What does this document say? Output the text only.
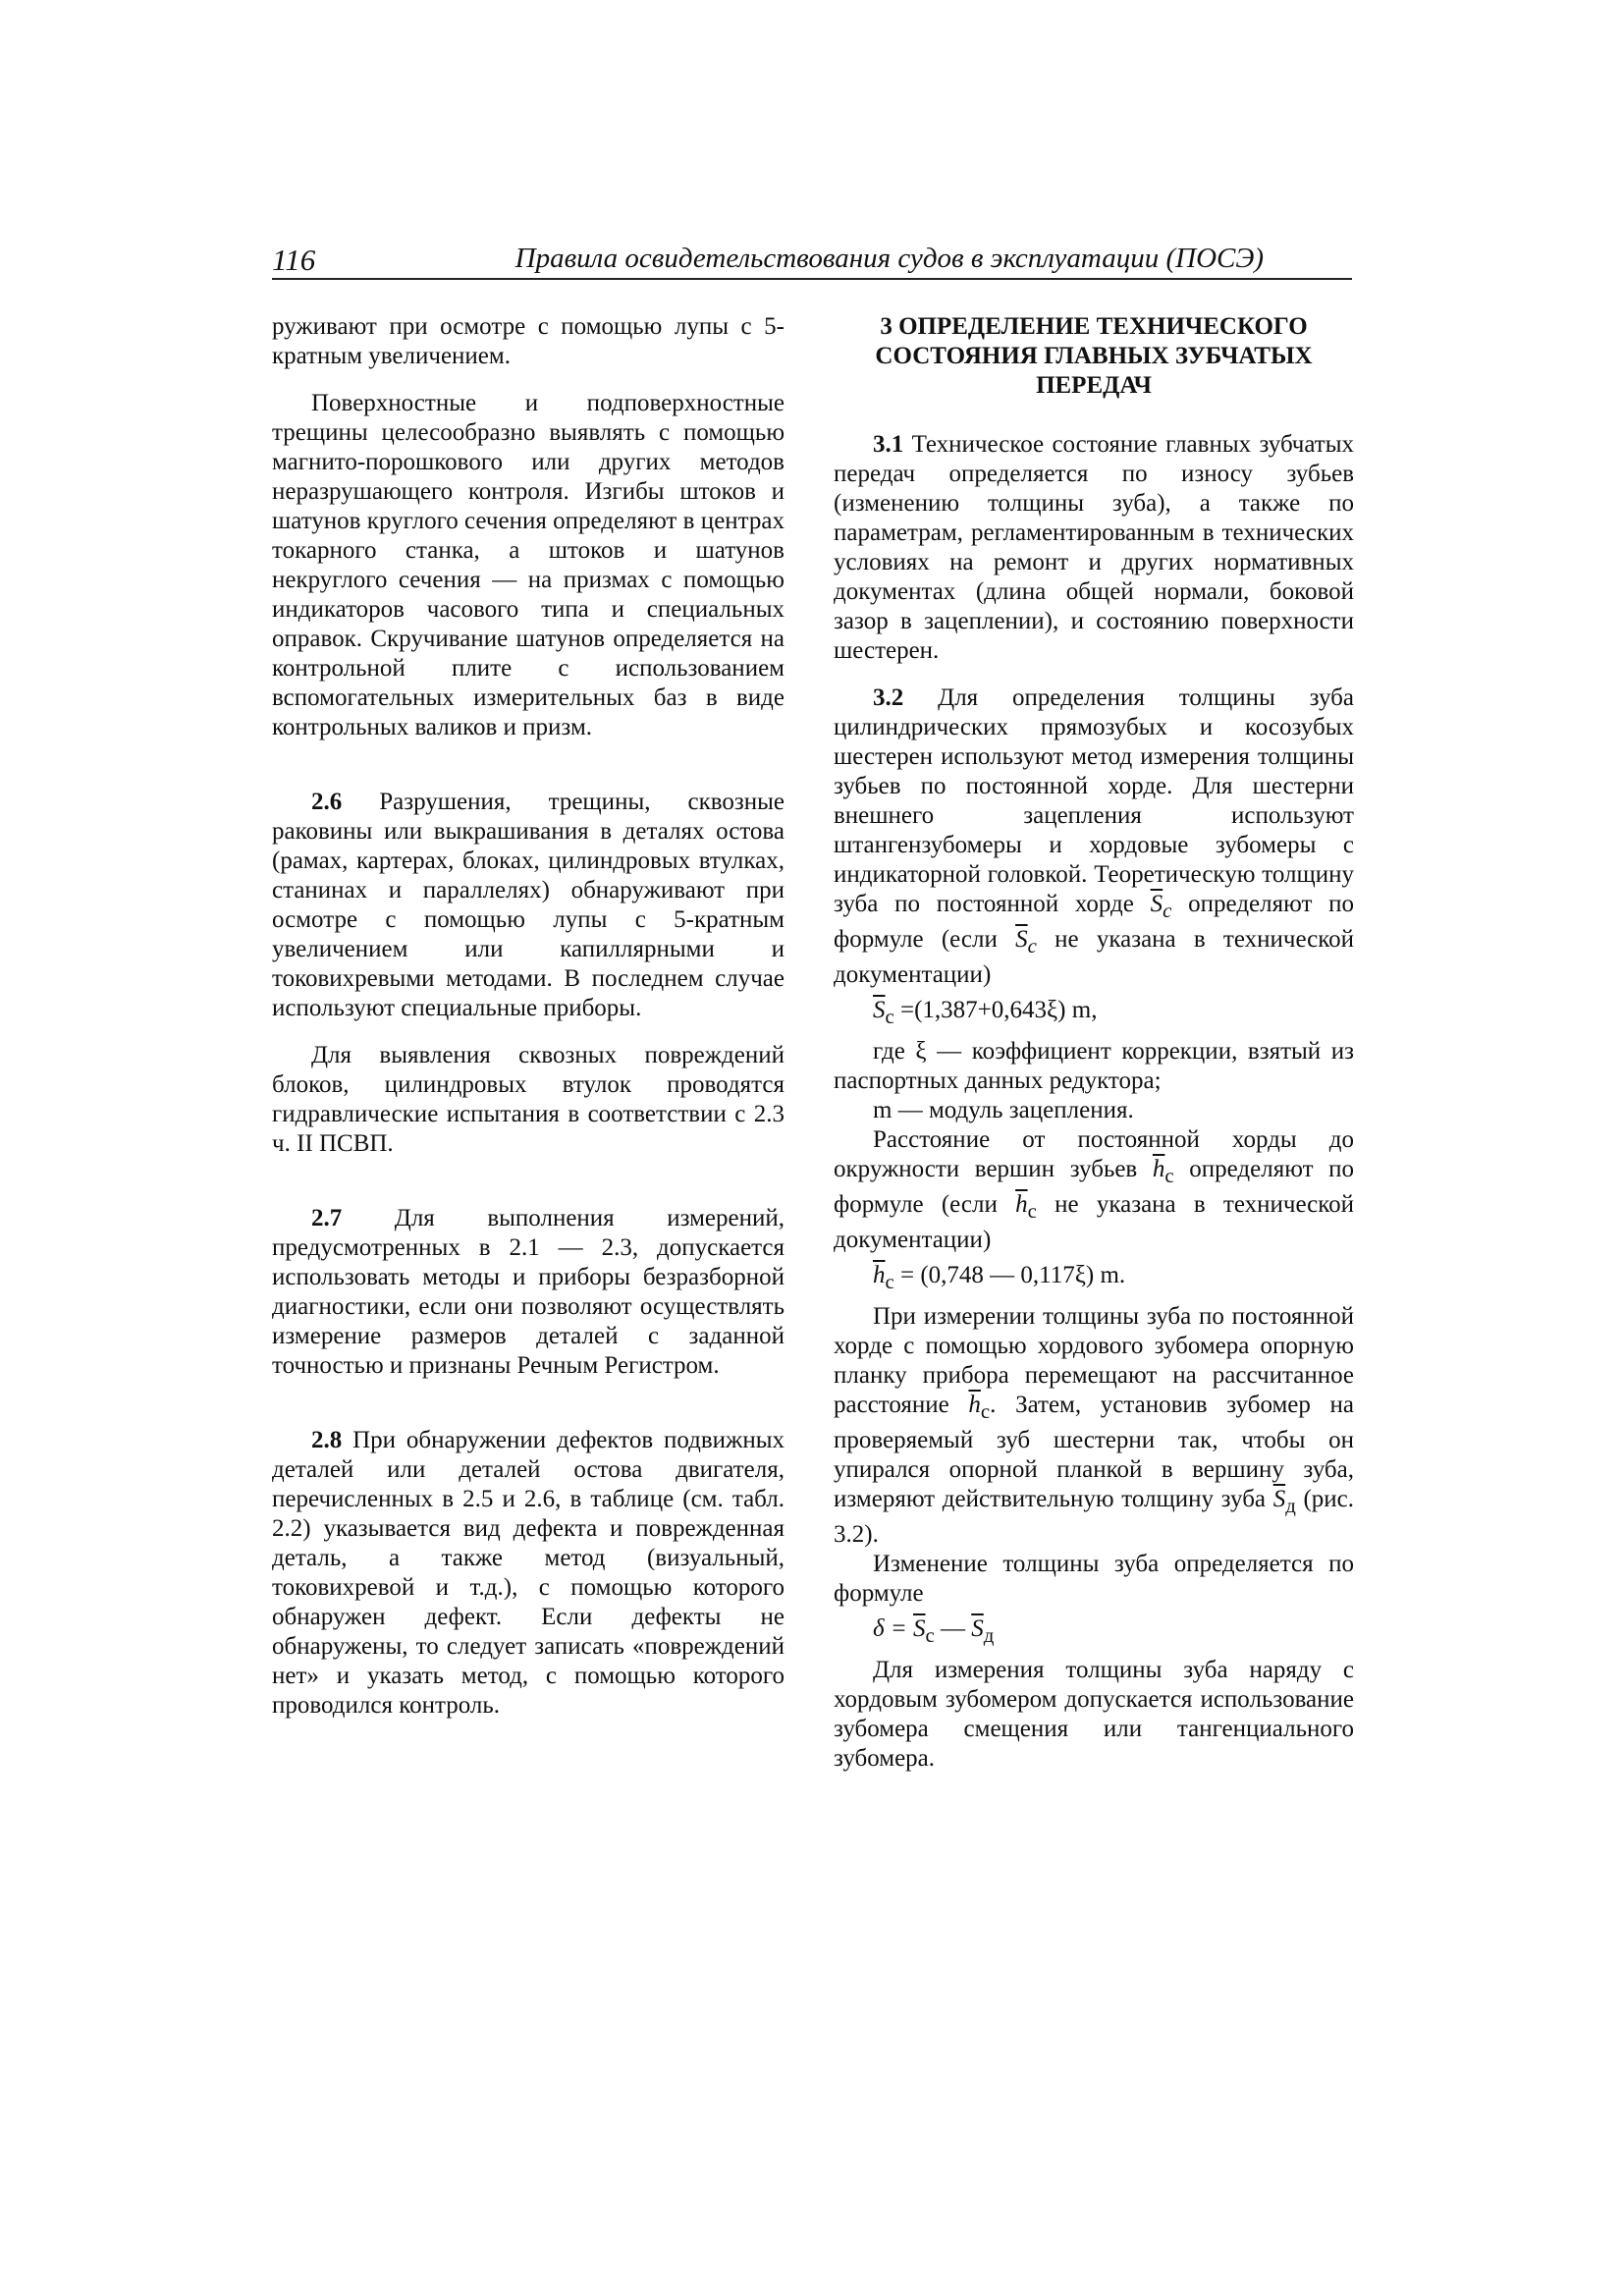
116	Правила освидетельствования судов в эксплуатации (ПОСЭ)

руживают при осмотре с помощью лупы с 5-кратным увеличением.

Поверхностные и подповерхностные трещины целесообразно выявлять с помощью магнито-порошкового или других методов неразрушающего контроля. Изгибы штоков и шатунов круглого сечения определяют в центрах токарного станка, а штоков и шатунов некруглого сечения — на призмах с помощью индикаторов часового типа и специальных оправок. Скручивание шатунов определяется на контрольной плите с использованием вспомогательных измерительных баз в виде контрольных валиков и призм.

2.6 Разрушения, трещины, сквозные раковины или выкрашивания в деталях остова (рамах, картерах, блоках, цилиндровых втулках, станинах и параллелях) обнаруживают при осмотре с помощью лупы с 5-кратным увеличением или капиллярными и токовихревыми методами. В последнем случае используют специальные приборы.

Для выявления сквозных повреждений блоков, цилиндровых втулок проводятся гидравлические испытания в соответствии с 2.3 ч. II ПСВП.

2.7 Для выполнения измерений, предусмотренных в 2.1 — 2.3, допускается использовать методы и приборы безразборной диагностики, если они позволяют осуществлять измерение размеров деталей с заданной точностью и признаны Речным Регистром.

2.8 При обнаружении дефектов подвижных деталей или деталей остова двигателя, перечисленных в 2.5 и 2.6, в таблице (см. табл. 2.2) указывается вид дефекта и поврежденная деталь, а также метод (визуальный, токовихревой и т.д.), с помощью которого обнаружен дефект. Если дефекты не обнаружены, то следует записать «повреждений нет» и указать метод, с помощью которого проводился контроль.

3 ОПРЕДЕЛЕНИЕ ТЕХНИЧЕСКОГО СОСТОЯНИЯ ГЛАВНЫХ ЗУБЧАТЫХ ПЕРЕДАЧ

3.1 Техническое состояние главных зубчатых передач определяется по износу зубьев (изменению толщины зуба), а также по параметрам, регламентированным в технических условиях на ремонт и других нормативных документах (длина общей нормали, боковой зазор в зацеплении), и состоянию поверхности шестерен.

3.2 Для определения толщины зуба цилиндрических прямозубых и косозубых шестерен используют метод измерения толщины зубьев по постоянной хорде. Для шестерни внешнего зацепления используют штангензубомеры и хордовые зубомеры с индикаторной головкой. Теоретическую толщину зуба по постоянной хорде $\overline{S}_c$ определяют по формуле (если $\overline{S}_c$ не указана в технической документации)

$\overline{S}_c =(1,387+0,643\xi)$ m,

где ξ — коэффициент коррекции, взятый из паспортных данных редуктора;

m — модуль зацепления.

Расстояние от постоянной хорды до окружности вершин зубьев $\overline{h}_c$ определяют по формуле (если $\overline{h}_c$ не указана в технической документации)

$\overline{h}_c = (0,748$ — 0,117ξ) m.

При измерении толщины зуба по постоянной хорде с помощью хордового зубомера опорную планку прибора перемещают на рассчитанное расстояние $\overline{h}_c$. Затем, установив зубомер на проверяемый зуб шестерни так, чтобы он упирался опорной планкой в вершину зуба, измеряют действительную толщину зуба $\overline{S}_д$ (рис. 3.2).

Изменение толщины зуба определяется по формуле

$\delta = \overline{S}_c$ — $\overline{S}_д$

Для измерения толщины зуба наряду с хордовым зубомером допускается использование зубомера смещения или тангенциального зубомера.
